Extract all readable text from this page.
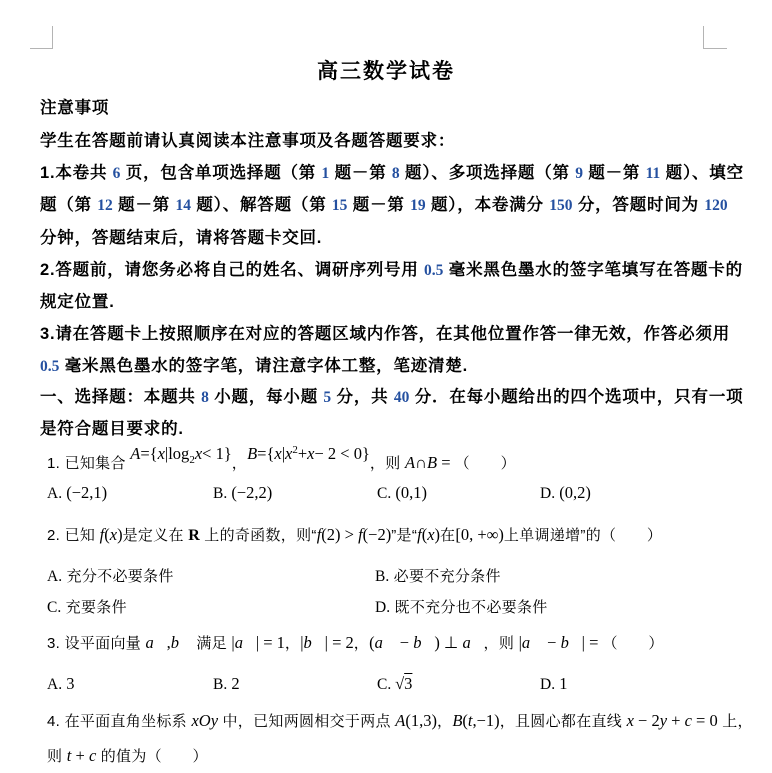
高三数学试卷
注意事项
学生在答题前请认真阅读本注意事项及各题答题要求：
1.本卷共 6 页，包含单项选择题（第 1 题－第 8 题）、多项选择题（第 9 题－第 11 题）、填空
题（第 12 题－第 14 题）、解答题（第 15 题－第 19 题），本卷满分 150 分，答题时间为 120
分钟，答题结束后，请将答题卡交回.
2.答题前，请您务必将自己的姓名、调研序列号用 0.5 毫米黑色墨水的签字笔填写在答题卡的
规定位置.
3.请在答题卡上按照顺序在对应的答题区域内作答，在其他位置作答一律无效，作答必须用
0.5 毫米黑色墨水的签字笔，请注意字体工整，笔迹清楚.
一、选择题：本题共 8 小题，每小题 5 分，共 40 分．在每小题给出的四个选项中，只有一项
是符合题目要求的.
1. 已知集合 $A=\{x|\log_2x< 1\}$，$B=\{x|x^2+x- 2 < 0\}$，则 A∩B = （　　）
A. (−2,1)	B. (−2,2)	C. (0,1)	D. (0,2)
2. 已知 f(x)是定义在 R 上的奇函数，则“f(2) > f(−2)”是“f(x)在[0, +∞)上单调递增”的（　　）
A. 充分不必要条件	B. 必要不充分条件
C. 充要条件	D. 既不充分也不必要条件
3. 设平面向量 a⃗,b⃗ 满足 |a⃗| = 1，|b⃗| = 2，(a⃗ − b⃗) ⊥ a⃗，则 |a⃗ − b⃗| = （　　）
A. 3	B. 2	C. √3	D. 1
4. 在平面直角坐标系 xOy 中，已知两圆相交于两点 A(1,3)，B(t,−1)，且圆心都在直线 x − 2y + c = 0 上，
则 t + c 的值为（　　）
